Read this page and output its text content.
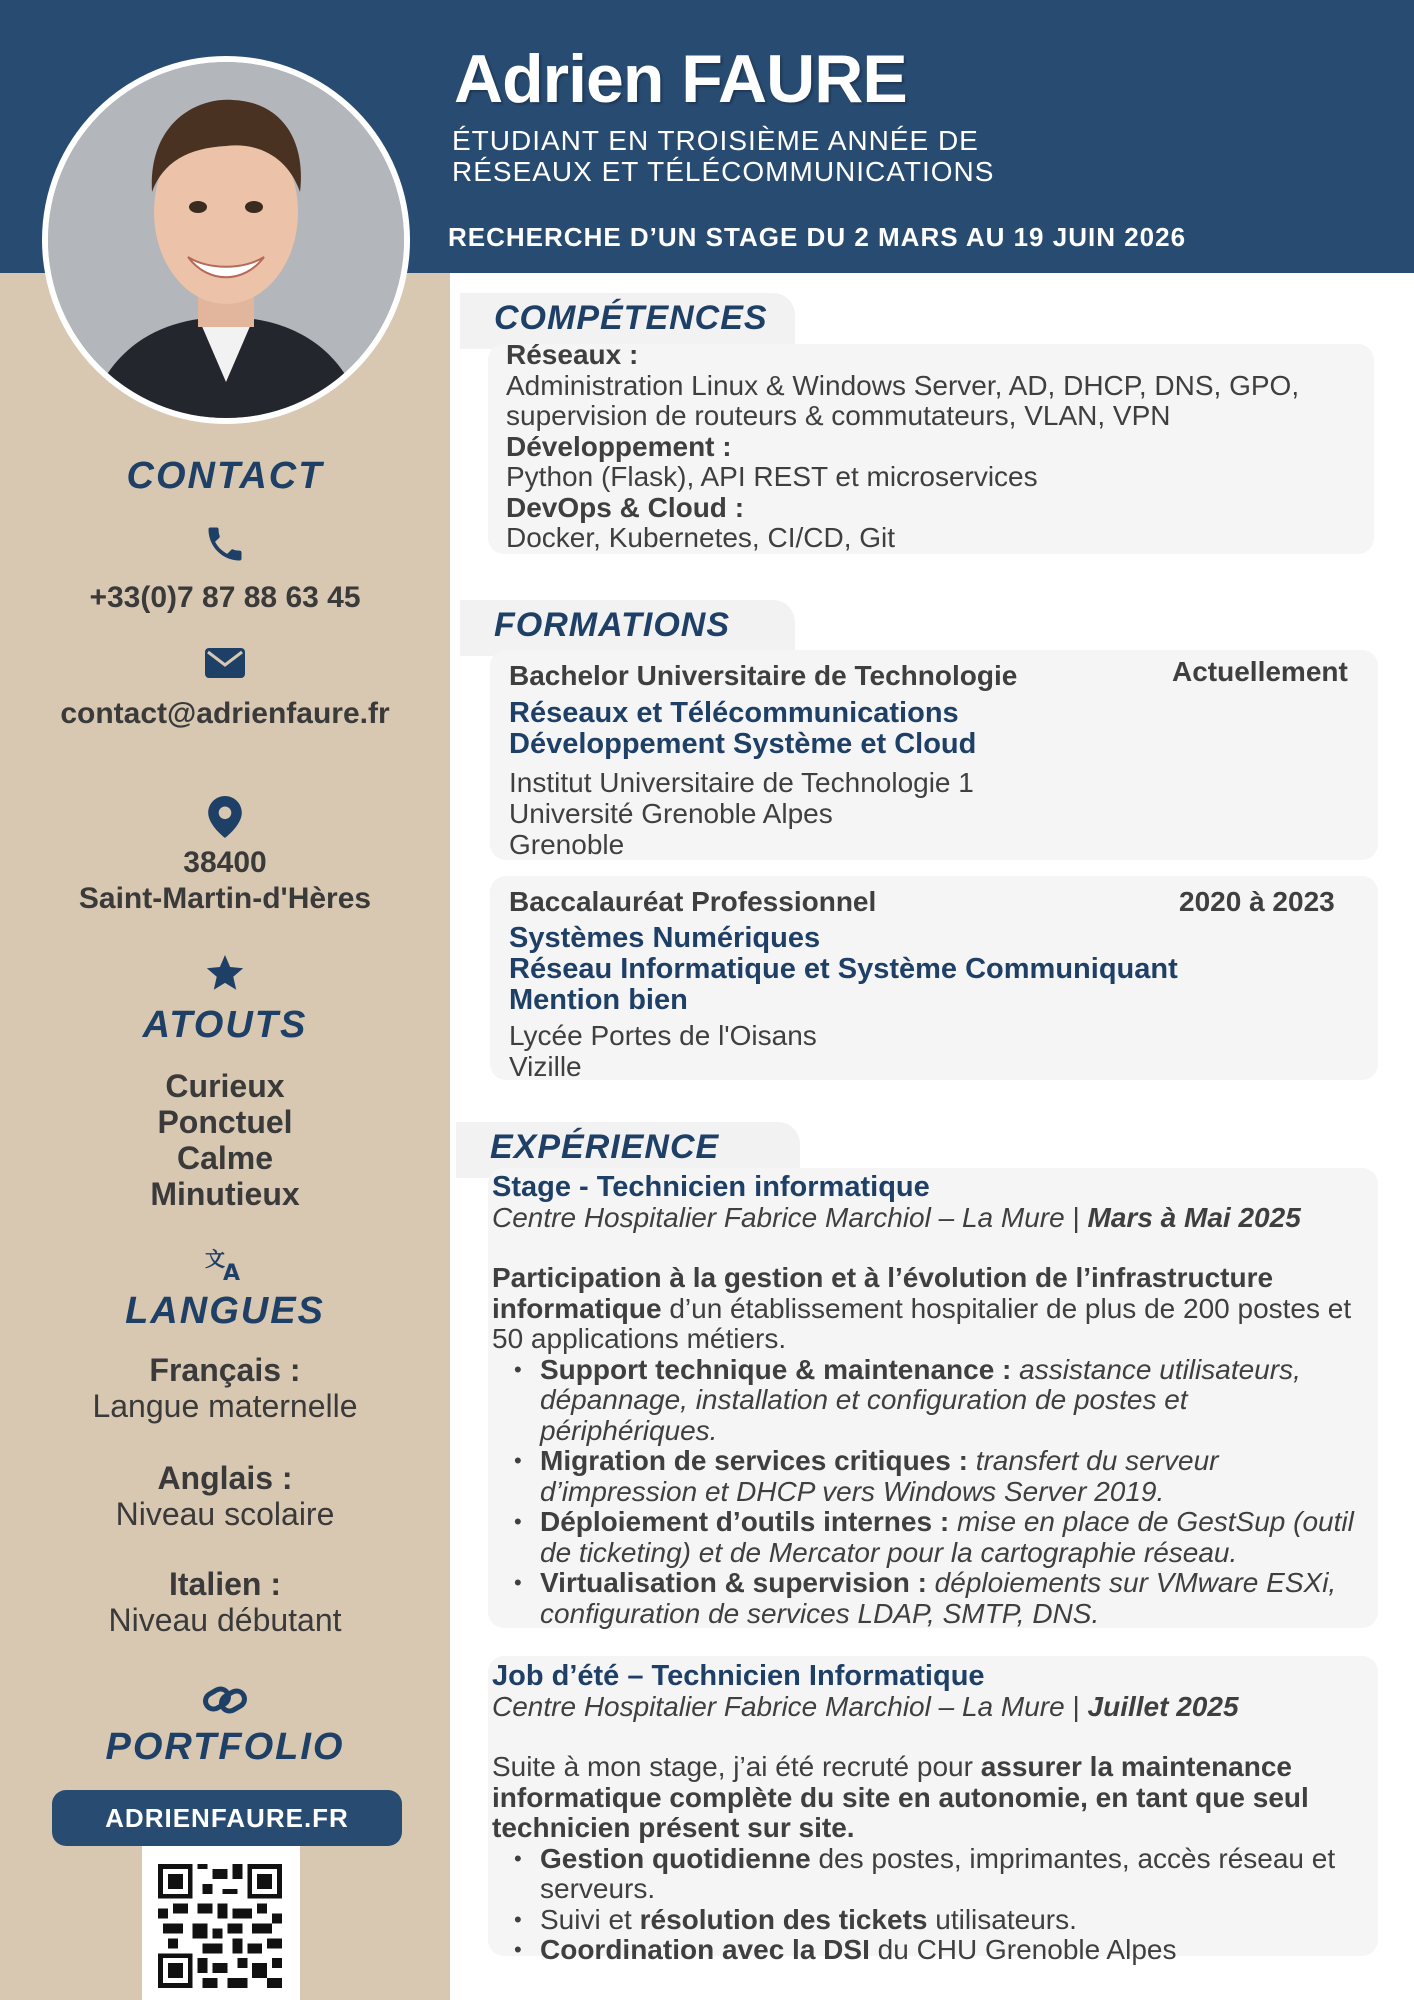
Adrien FAURE
ÉTUDIANT EN TROISIÈME ANNÉE DE
RÉSEAUX ET TÉLÉCOMMUNICATIONS
RECHERCHE D’UN STAGE DU 2 MARS AU 19 JUIN 2026
CONTACT
+33(0)7 87 88 63 45
contact@adrienfaure.fr
38400
Saint-Martin-d'Hères
ATOUTS
Curieux
Ponctuel
Calme
Minutieux
文
A
LANGUES
Français :
Langue maternelle
Anglais :
Niveau scolaire
Italien :
Niveau débutant
PORTFOLIO
ADRIENFAURE.FR
COMPÉTENCES
Réseaux :
Administration Linux & Windows Server, AD, DHCP, DNS, GPO,
supervision de routeurs & commutateurs, VLAN, VPN
Développement :
Python (Flask), API REST et microservices
DevOps & Cloud :
Docker, Kubernetes, CI/CD, Git
FORMATIONS
Bachelor Universitaire de Technologie	Actuellement
Réseaux et Télécommunications
Développement Système et Cloud
Institut Universitaire de Technologie 1
Université Grenoble Alpes
Grenoble
Baccalauréat Professionnel	2020 à 2023
Systèmes Numériques
Réseau Informatique et Système Communiquant
Mention bien
Lycée Portes de l'Oisans
Vizille
EXPÉRIENCE
Stage - Technicien informatique
Centre Hospitalier Fabrice Marchiol – La Mure | Mars à Mai 2025
Participation à la gestion et à l’évolution de l’infrastructure informatique d’un établissement hospitalier de plus de 200 postes et 50 applications métiers.
• Support technique & maintenance : assistance utilisateurs, dépannage, installation et configuration de postes et périphériques.
• Migration de services critiques : transfert du serveur d’impression et DHCP vers Windows Server 2019.
• Déploiement d’outils internes : mise en place de GestSup (outil de ticketing) et de Mercator pour la cartographie réseau.
• Virtualisation & supervision : déploiements sur VMware ESXi, configuration de services LDAP, SMTP, DNS.
Job d’été – Technicien Informatique
Centre Hospitalier Fabrice Marchiol – La Mure | Juillet 2025
Suite à mon stage, j’ai été recruté pour assurer la maintenance informatique complète du site en autonomie, en tant que seul technicien présent sur site.
• Gestion quotidienne des postes, imprimantes, accès réseau et serveurs.
• Suivi et résolution des tickets utilisateurs.
• Coordination avec la DSI du CHU Grenoble Alpes
